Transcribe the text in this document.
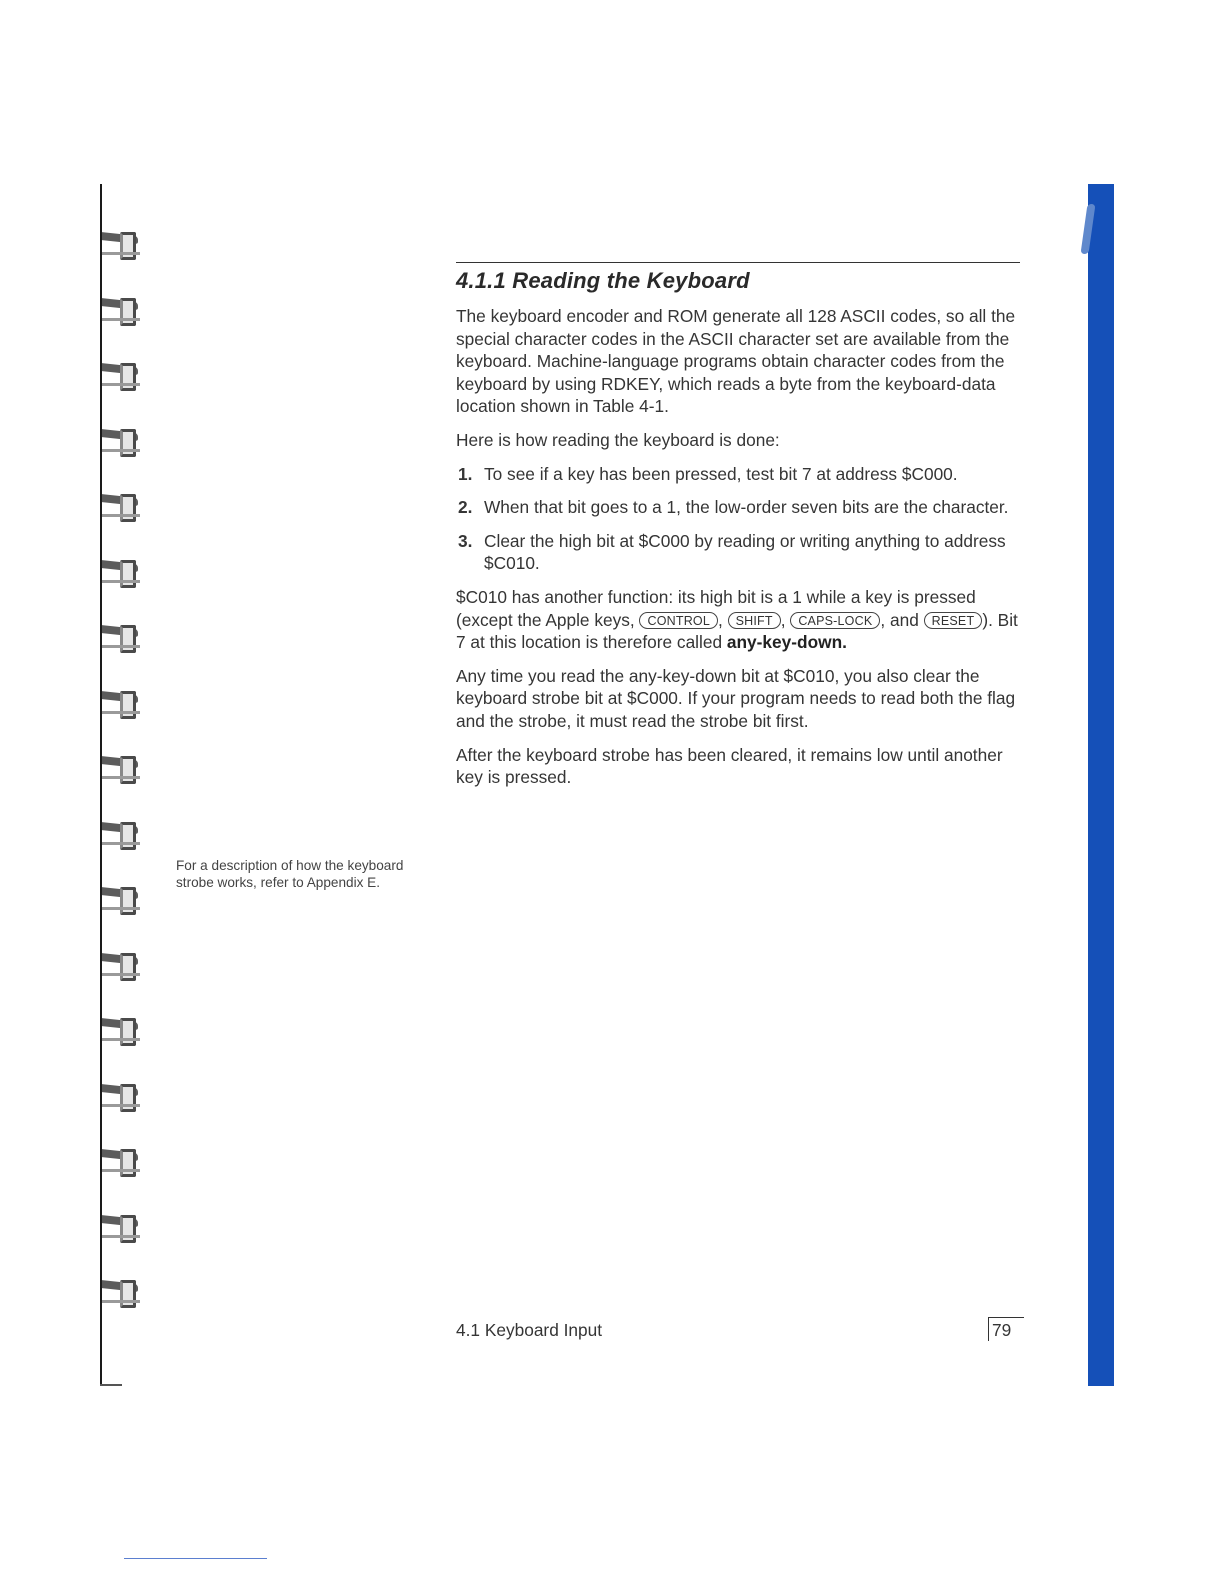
4.1.1 Reading the Keyboard

The keyboard encoder and ROM generate all 128 ASCII codes, so all the special character codes in the ASCII character set are available from the keyboard. Machine-language programs obtain character codes from the keyboard by using RDKEY, which reads a byte from the keyboard-data location shown in Table 4-1.

Here is how reading the keyboard is done:

1. To see if a key has been pressed, test bit 7 at address $C000.
2. When that bit goes to a 1, the low-order seven bits are the character.
3. Clear the high bit at $C000 by reading or writing anything to address $C010.

$C010 has another function: its high bit is a 1 while a key is pressed (except the Apple keys, CONTROL , SHIFT , CAPS-LOCK , and RESET ). Bit 7 at this location is therefore called any-key-down.

Any time you read the any-key-down bit at $C010, you also clear the keyboard strobe bit at $C000. If your program needs to read both the flag and the strobe, it must read the strobe bit first.

After the keyboard strobe has been cleared, it remains low until another key is pressed.

For a description of how the keyboard strobe works, refer to Appendix E.

4.1 Keyboard Input	79
